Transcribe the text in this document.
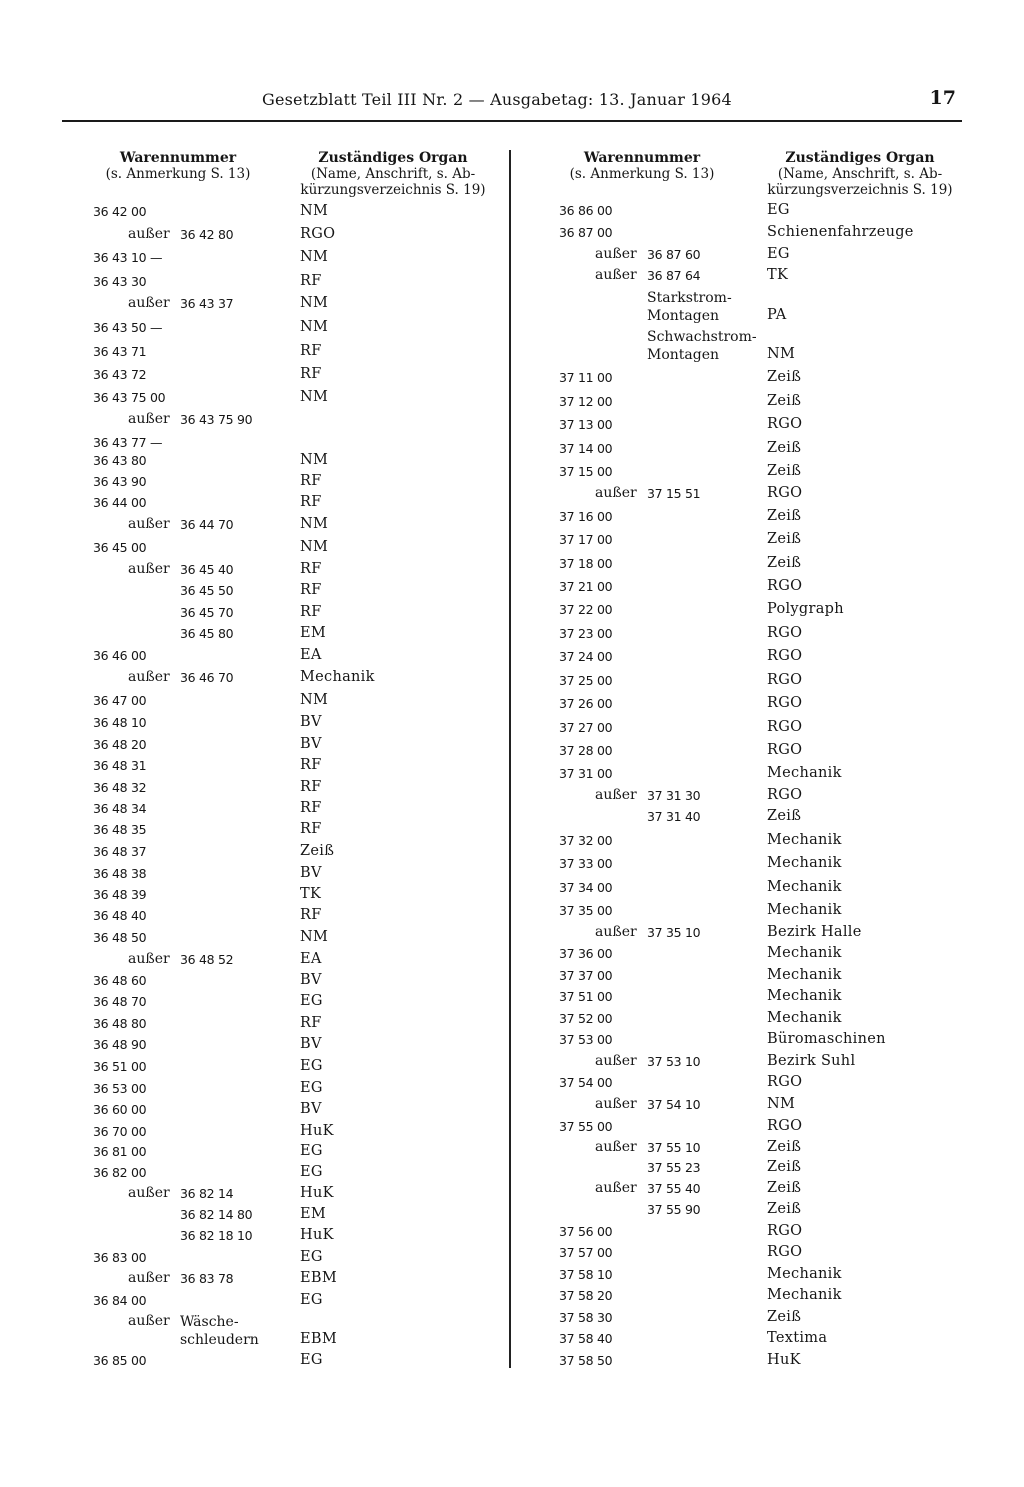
Gesetzblatt Teil III Nr. 2 — Ausgabetag: 13. Januar 1964	17
Warennummer
(s. Anmerkung S. 13)
Zuständiges Organ
(Name, Anschrift, s. Ab-
kürzungsverzeichnis S. 19)
Warennummer
(s. Anmerkung S. 13)
Zuständiges Organ
(Name, Anschrift, s. Ab-
kürzungsverzeichnis S. 19)
36 42 00	NM
außer 36 42 80	RGO
36 43 10 —	NM
36 43 30	RF
außer 36 43 37	NM
36 43 50 —	NM
36 43 71	RF
36 43 72	RF
36 43 75 00	NM
außer 36 43 75 90
36 43 77 —
36 43 80	NM
36 43 90	RF
36 44 00	RF
außer 36 44 70	NM
36 45 00	NM
außer 36 45 40	RF
36 45 50	RF
36 45 70	RF
36 45 80	EM
36 46 00	EA
außer 36 46 70	Mechanik
36 47 00	NM
36 48 10	BV
36 48 20	BV
36 48 31	RF
36 48 32	RF
36 48 34	RF
36 48 35	RF
36 48 37	Zeiß
36 48 38	BV
36 48 39	TK
36 48 40	RF
36 48 50	NM
außer 36 48 52	EA
36 48 60	BV
36 48 70	EG
36 48 80	RF
36 48 90	BV
36 51 00	EG
36 53 00	EG
36 60 00	BV
36 70 00	HuK
36 81 00	EG
36 82 00	EG
außer 36 82 14	HuK
36 82 14 80	EM
36 82 18 10	HuK
36 83 00	EG
außer 36 83 78	EBM
36 84 00	EG
außer Wäsche-
schleudern	EBM
36 85 00	EG
36 86 00	EG
36 87 00	Schienenfahrzeuge
außer 36 87 60	EG
außer 36 87 64	TK
Starkstrom-
Montagen	PA
Schwachstrom-
Montagen	NM
37 11 00	Zeiß
37 12 00	Zeiß
37 13 00	RGO
37 14 00	Zeiß
37 15 00	Zeiß
außer 37 15 51	RGO
37 16 00	Zeiß
37 17 00	Zeiß
37 18 00	Zeiß
37 21 00	RGO
37 22 00	Polygraph
37 23 00	RGO
37 24 00	RGO
37 25 00	RGO
37 26 00	RGO
37 27 00	RGO
37 28 00	RGO
37 31 00	Mechanik
außer 37 31 30	RGO
37 31 40	Zeiß
37 32 00	Mechanik
37 33 00	Mechanik
37 34 00	Mechanik
37 35 00	Mechanik
außer 37 35 10	Bezirk Halle
37 36 00	Mechanik
37 37 00	Mechanik
37 51 00	Mechanik
37 52 00	Mechanik
37 53 00	Büromaschinen
außer 37 53 10	Bezirk Suhl
37 54 00	RGO
außer 37 54 10	NM
37 55 00	RGO
außer 37 55 10	Zeiß
37 55 23	Zeiß
außer 37 55 40	Zeiß
37 55 90	Zeiß
37 56 00	RGO
37 57 00	RGO
37 58 10	Mechanik
37 58 20	Mechanik
37 58 30	Zeiß
37 58 40	Textima
37 58 50	HuK
